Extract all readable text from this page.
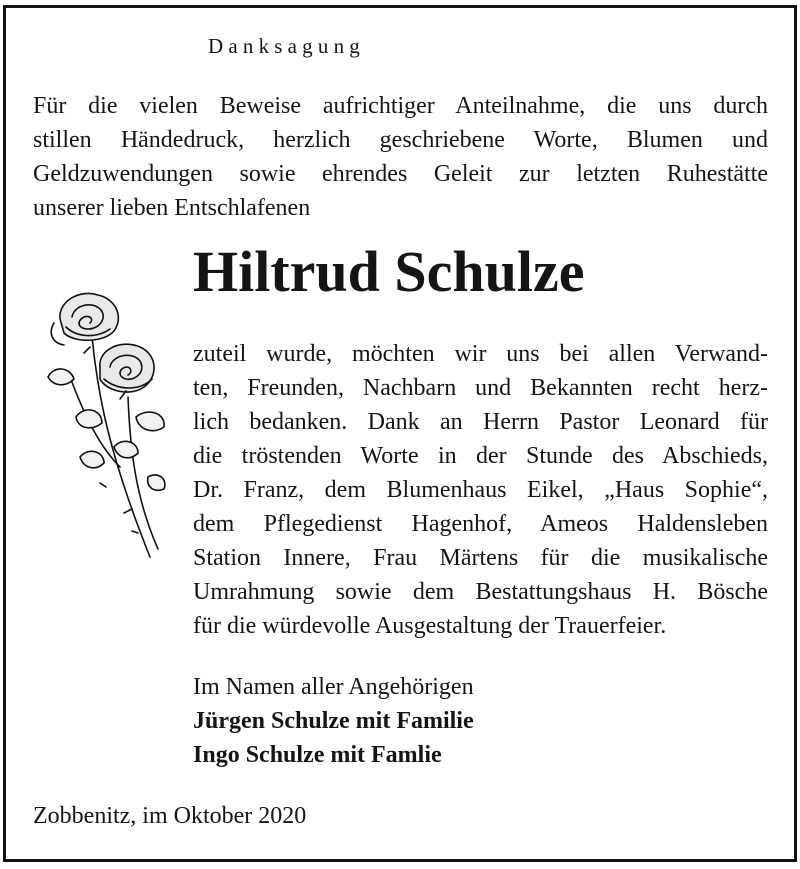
Danksagung
Für die vielen Beweise aufrichtiger Anteilnahme, die uns durch
stillen Händedruck, herzlich geschriebene Worte, Blumen und
Geldzuwendungen sowie ehrendes Geleit zur letzten Ruhestätte
unserer lieben Entschlafenen
Hiltrud Schulze
zuteil wurde, möchten wir uns bei allen Verwand-
ten, Freunden, Nachbarn und Bekannten recht herz-
lich bedanken. Dank an Herrn Pastor Leonard für
die tröstenden Worte in der Stunde des Abschieds,
Dr. Franz, dem Blumenhaus Eikel, „Haus Sophie“,
dem Pflegedienst Hagenhof, Ameos Haldensleben
Station Innere, Frau Märtens für die musikalische
Umrahmung sowie dem Bestattungshaus H. Bösche
für die würdevolle Ausgestaltung der Trauerfeier.
Im Namen aller Angehörigen
Jürgen Schulze mit Familie
Ingo Schulze mit Famlie
Zobbenitz, im Oktober 2020
